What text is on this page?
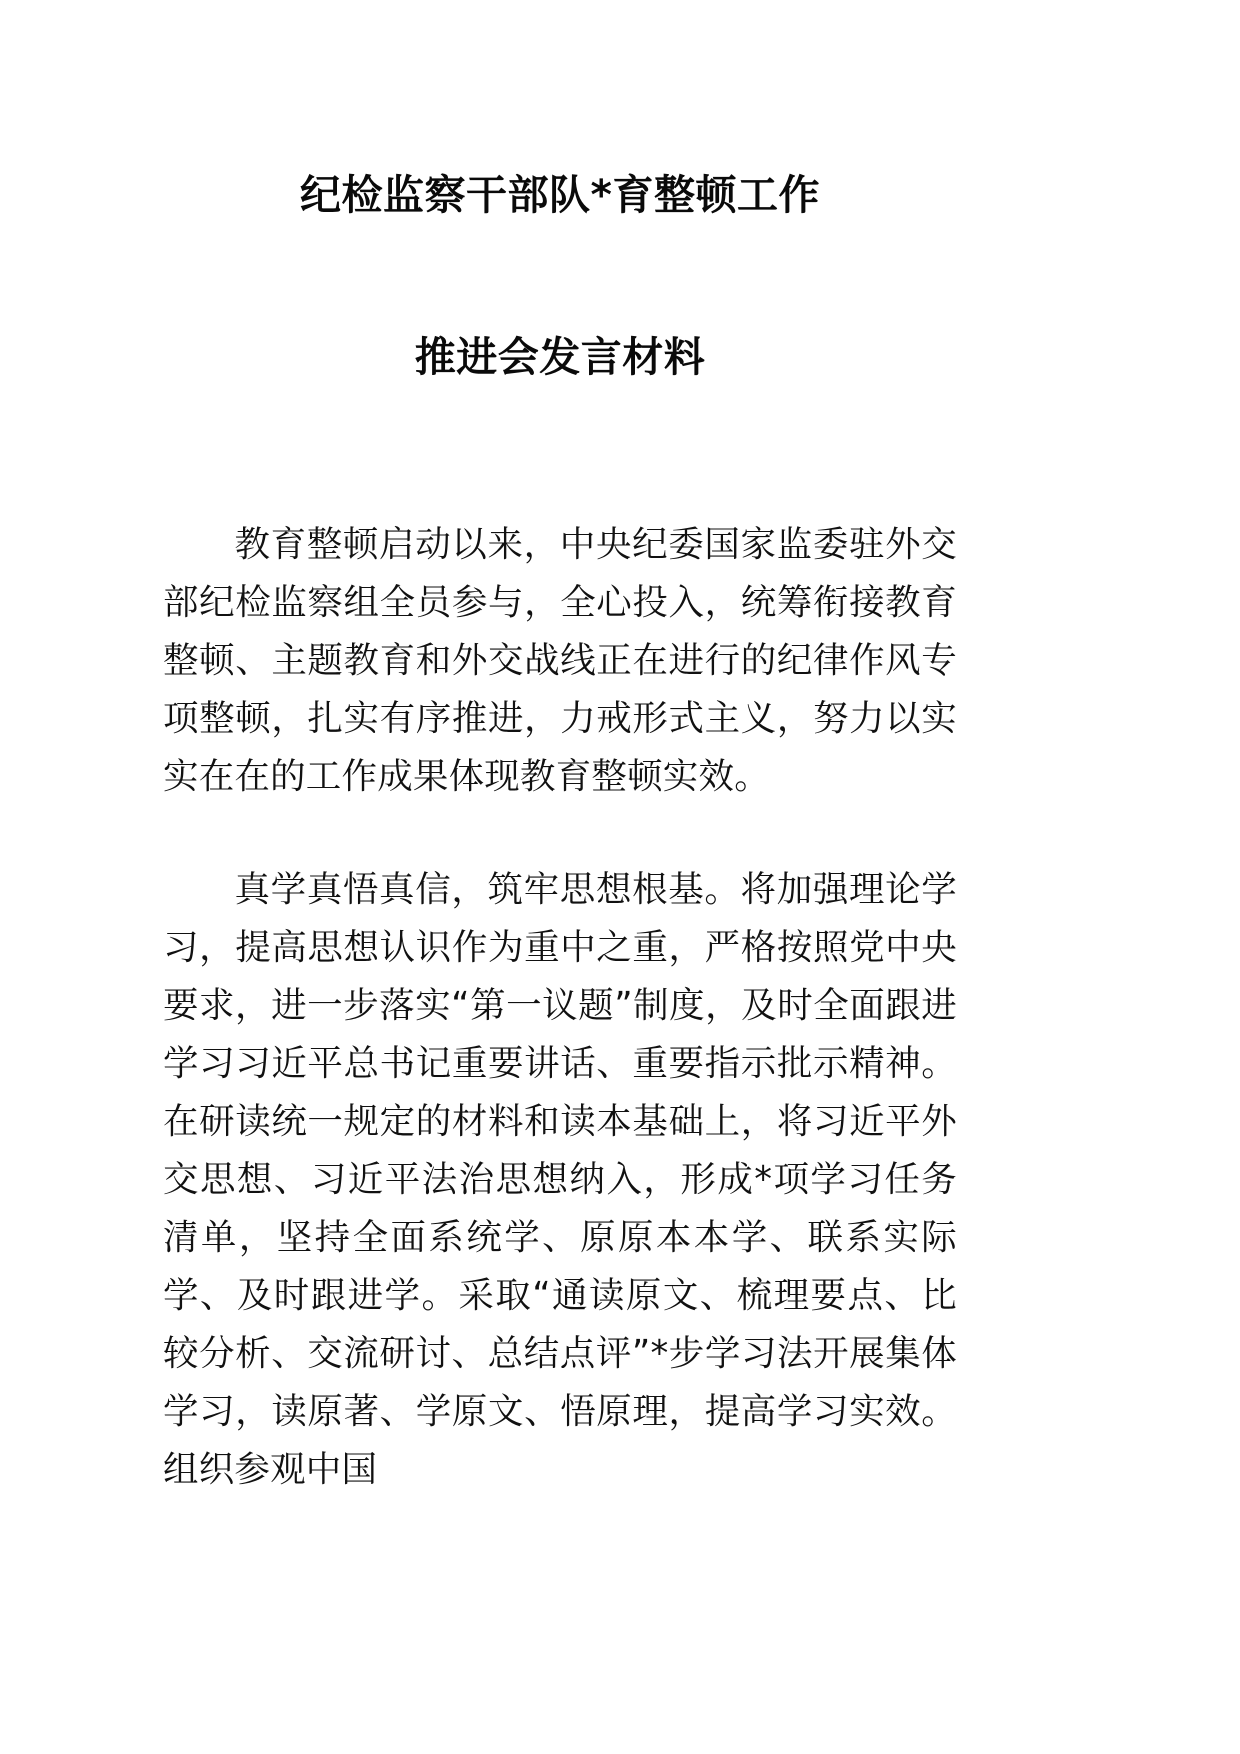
纪检监察干部队*育整顿工作
推进会发言材料

教育整顿启动以来，中央纪委国家监委驻外交部纪检监察组全员参与，全心投入，统筹衔接教育整顿、主题教育和外交战线正在进行的纪律作风专项整顿，扎实有序推进，力戒形式主义，努力以实实在在的工作成果体现教育整顿实效。

真学真悟真信，筑牢思想根基。将加强理论学习，提高思想认识作为重中之重，严格按照党中央要求，进一步落实“第一议题”制度，及时全面跟进学习习近平总书记重要讲话、重要指示批示精神。在研读统一规定的材料和读本基础上，将习近平外交思想、习近平法治思想纳入，形成*项学习任务清单，坚持全面系统学、原原本本学、联系实际学、及时跟进学。采取“通读原文、梳理要点、比较分析、交流研讨、总结点评”*步学习法开展集体学习，读原著、学原文、悟原理，提高学习实效。组织参观中国
